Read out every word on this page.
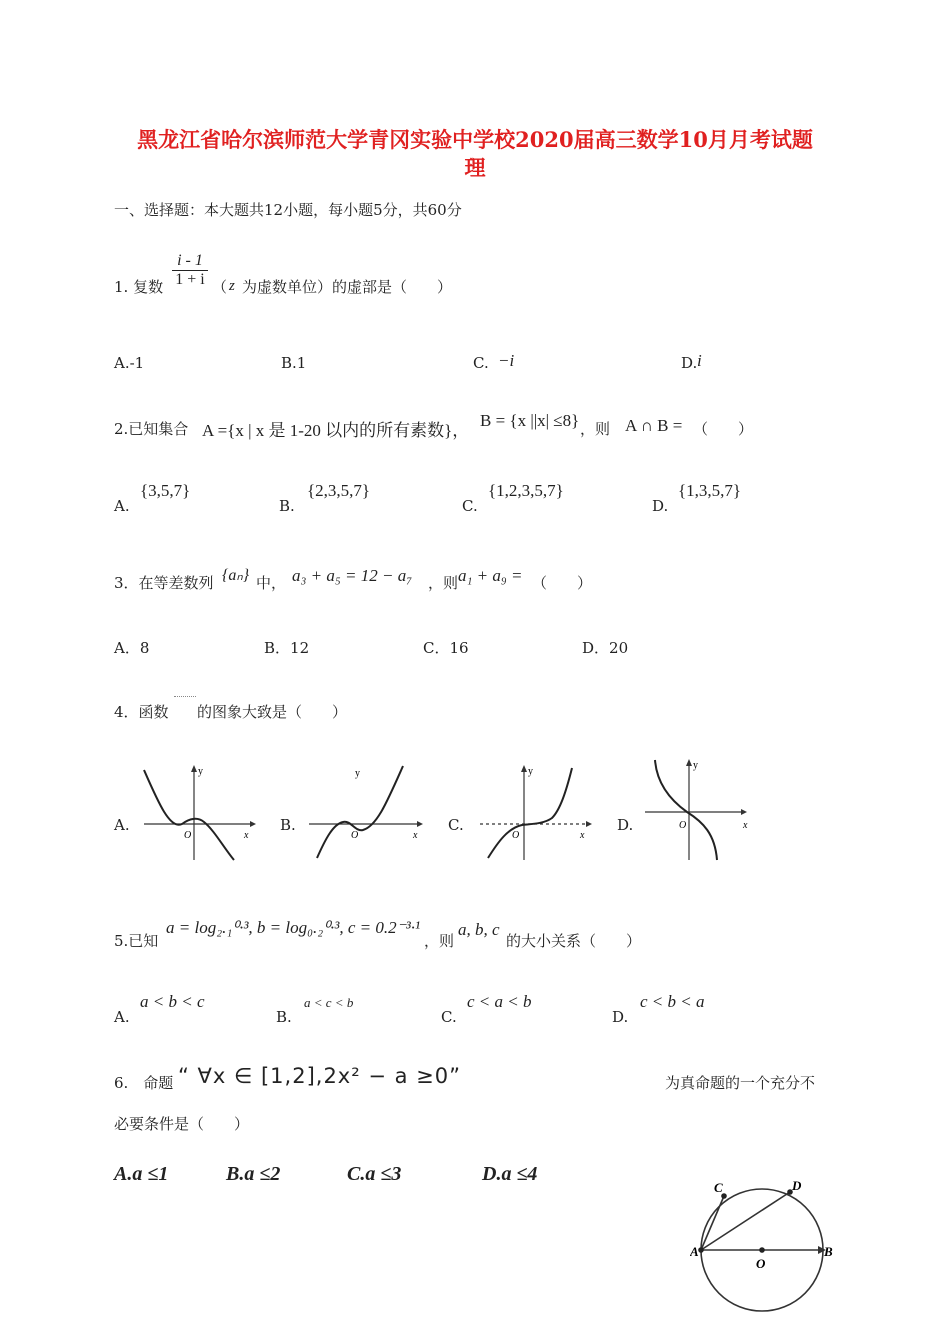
黑龙江省哈尔滨师范大学青冈实验中学校2020届高三数学10月月考试题
理
一、选择题：本大题共12小题，每小题5分，共60分
1. 复数 $\frac{i - 1}{1 + i}$ （ z 为虚数单位）的虚部是（　　）
A.-1	B.1	C. −i	D. i
2.已知集合 A ={x | x 是 1-20 以内的所有素数}，
B = {x ||x| ≤8} ，则 A ∩ B = （　　）
A.
{3,5,7}
B.
{2,3,5,7}
C.
{1,2,3,5,7}
D.
{1,3,5,7}
3．在等差数列 {aₙ} 中， a₃ + a₅ = 12 − a₇ ，则 a₁ + a₉ = （　　）
A．8	B．12	C．16	D．20
4．函数 的图象大致是（　　）
A.	B.	C.	D.
y
O	x
y
O	x
y
O	x
y
O	x
5.已知
a = log₂.₁⁰·³, b = log₀.₂⁰·³, c = 0.2⁻³·¹
，则
a, b, c
的大小关系（　　）
A.
a < b < c
B.
a < c < b
C.
c < a < b
D.
c < b < a
6.　命题 “ ∀x ∈ [1,2],2x² − a ≥0”	为真命题的一个充分不
必要条件是（　　）
A.a ≤1	B.a ≤2	C.a ≤3	D.a ≤4
A	B
C	D
O
